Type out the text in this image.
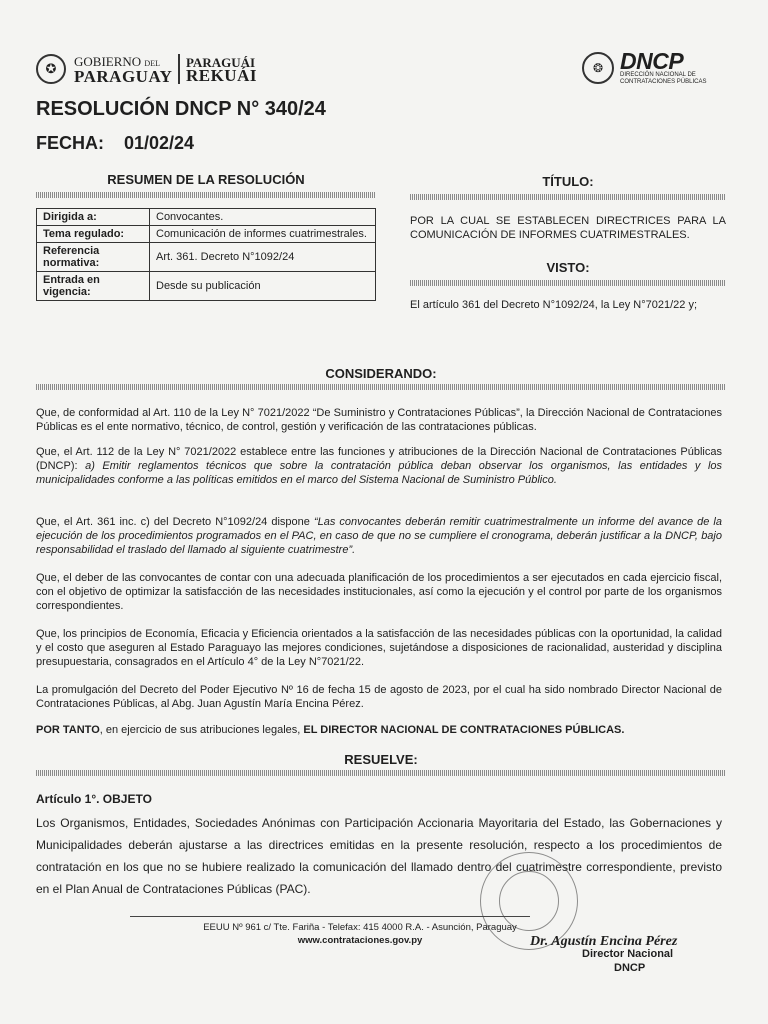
✪	GOBIERNO DEL
PARAGUAY
PARAGUÁI
REKUÁI	❂ DNCP
DIRECCIÓN NACIONAL DE
CONTRATACIONES PÚBLICAS
RESOLUCIÓN DNCP N° 340/24
FECHA: 01/02/24
RESUMEN DE LA RESOLUCIÓN
Dirigida a:	Convocantes.
Tema regulado:	Comunicación de informes cuatrimestrales.
Referencia normativa:	Art. 361. Decreto N°1092/24
Entrada en vigencia:	Desde su publicación
TÍTULO:
POR LA CUAL SE ESTABLECEN DIRECTRICES PARA LA COMUNICACIÓN DE INFORMES CUATRIMESTRALES.
VISTO:
El artículo 361 del Decreto N°1092/24, la Ley N°7021/22 y;
CONSIDERANDO:
Que, de conformidad al Art. 110 de la Ley N° 7021/2022 “De Suministro y Contrataciones Públicas”, la Dirección Nacional de Contrataciones Públicas es el ente normativo, técnico, de control, gestión y verificación de las contrataciones públicas.
Que, el Art. 112 de la Ley N° 7021/2022 establece entre las funciones y atribuciones de la Dirección Nacional de Contrataciones Públicas (DNCP): a) Emitir reglamentos técnicos que sobre la contratación pública deban observar los organismos, las entidades y los municipalidades conforme a las políticas emitidos en el marco del Sistema Nacional de Suministro Público.
Que, el Art. 361 inc. c) del Decreto N°1092/24 dispone “Las convocantes deberán remitir cuatrimestralmente un informe del avance de la ejecución de los procedimientos programados en el PAC, en caso de que no se cumpliere el cronograma, deberán justificar a la DNCP, bajo responsabilidad el traslado del llamado al siguiente cuatrimestre”.
Que, el deber de las convocantes de contar con una adecuada planificación de los procedimientos a ser ejecutados en cada ejercicio fiscal, con el objetivo de optimizar la satisfacción de las necesidades institucionales, así como la ejecución y el control por parte de los organismos correspondientes.
Que, los principios de Economía, Eficacia y Eficiencia orientados a la satisfacción de las necesidades públicas con la oportunidad, la calidad y el costo que aseguren al Estado Paraguayo las mejores condiciones, sujetándose a disposiciones de racionalidad, austeridad y disciplina presupuestaria, consagrados en el Artículo 4° de la Ley N°7021/22.
La promulgación del Decreto del Poder Ejecutivo Nº 16 de fecha 15 de agosto de 2023, por el cual ha sido nombrado Director Nacional de Contrataciones Públicas, al Abg. Juan Agustín María Encina Pérez.
POR TANTO, en ejercicio de sus atribuciones legales, EL DIRECTOR NACIONAL DE CONTRATACIONES PÚBLICAS.
RESUELVE:
Artículo 1°. OBJETO
Los Organismos, Entidades, Sociedades Anónimas con Participación Accionaria Mayoritaria del Estado, las Gobernaciones y Municipalidades deberán ajustarse a las directrices emitidas en la presente resolución, respecto a los procedimientos de contratación en los que no se hubiere realizado la comunicación del llamado dentro del cuatrimestre correspondiente, previsto en el Plan Anual de Contrataciones Públicas (PAC).
Dr. Agustín Encina Pérez
Director Nacional
DNCP
EEUU Nº 961 c/ Tte. Fariña - Telefax: 415 4000 R.A. - Asunción, Paraguay
www.contrataciones.gov.py
